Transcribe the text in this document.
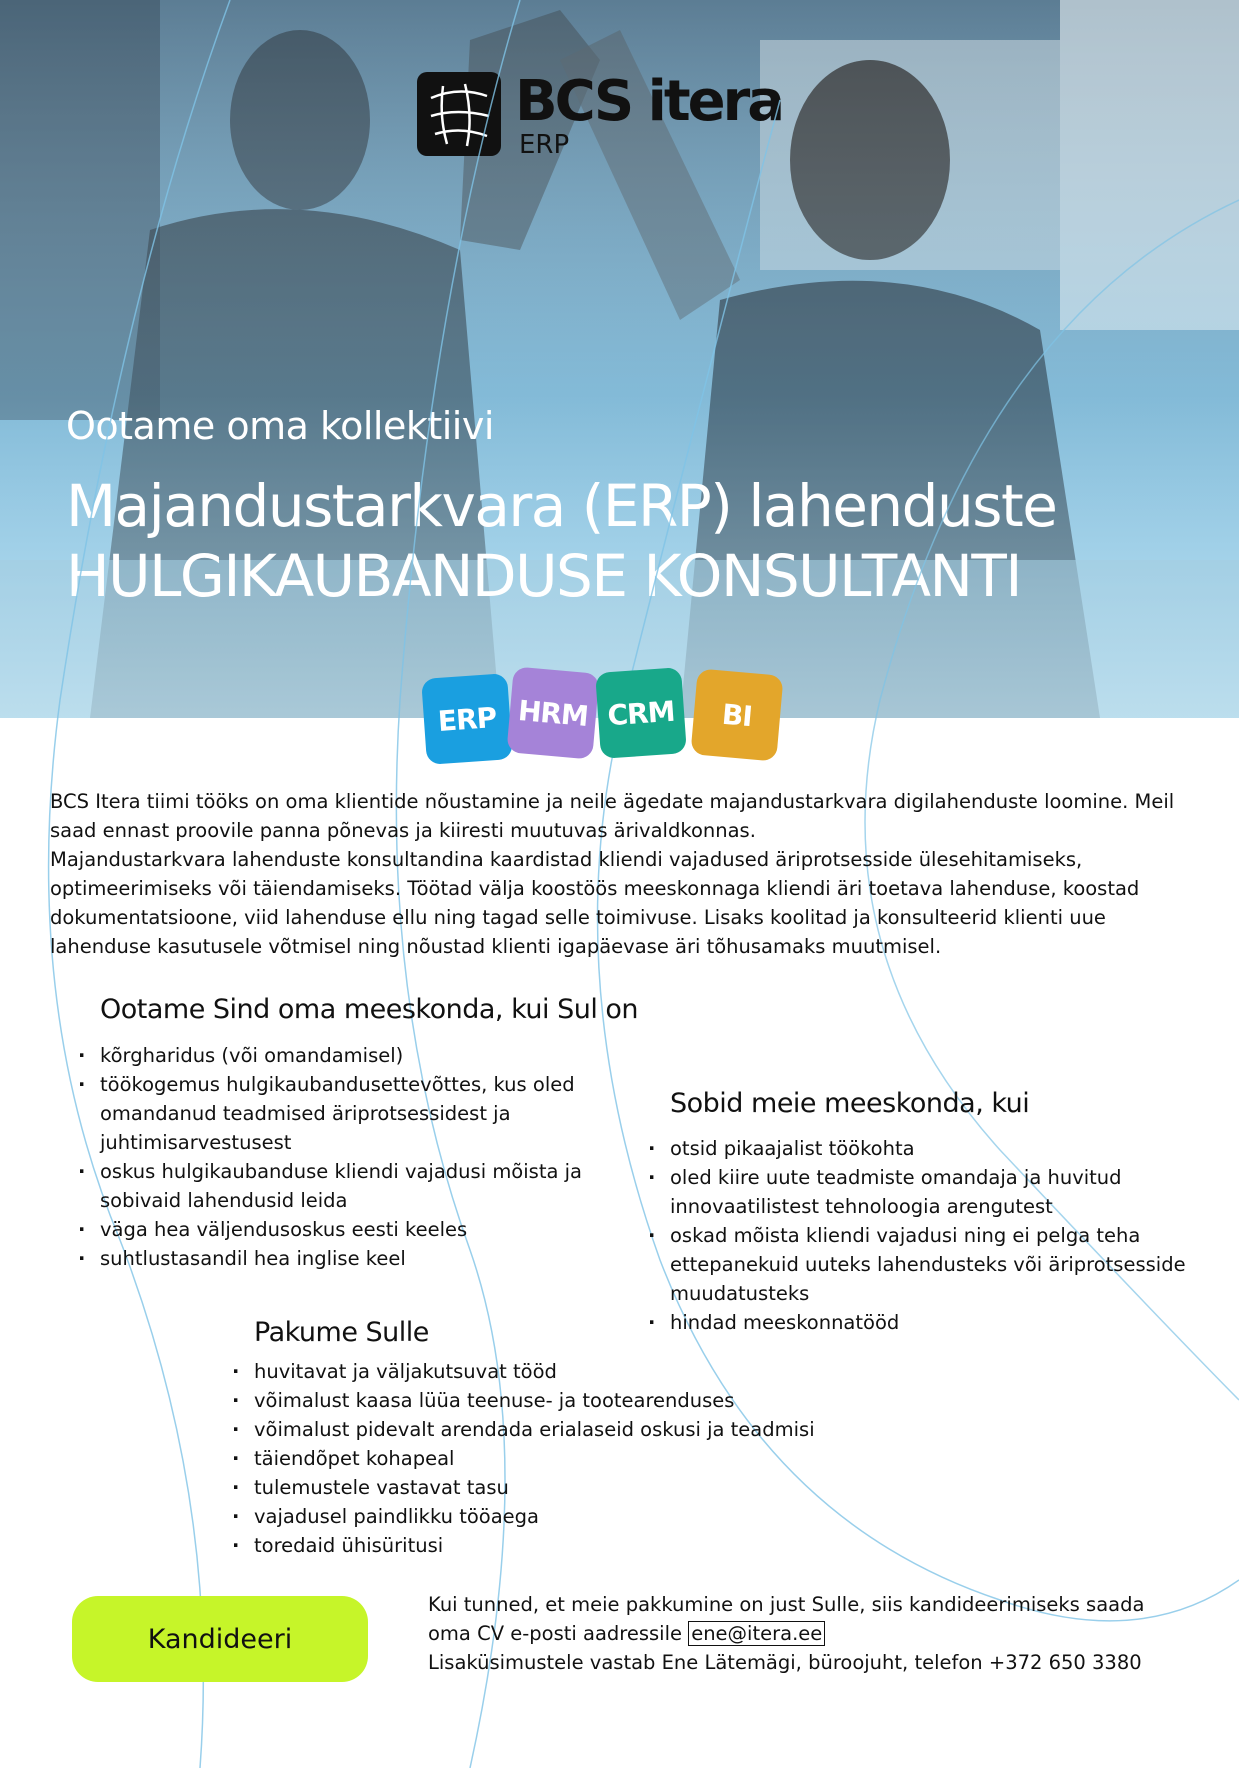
BCS itera
ERP
Ootame oma kollektiivi
Majandustarkvara (ERP) lahenduste
HULGIKAUBANDUSE KONSULTANTI
ERP HRM CRM	BI

BCS Itera tiimi tööks on oma klientide nõustamine ja neile ägedate majandustarkvara digilahenduste loomine. Meil saad ennast proovile panna põnevas ja kiiresti muutuvas ärivaldkonnas.

Majandustarkvara lahenduste konsultandina kaardistad kliendi vajadused äriprotsesside ülesehitamiseks, optimeerimiseks või täiendamiseks. Töötad välja koostöös meeskonnaga kliendi äri toetava lahenduse, koostad dokumentatsioone, viid lahenduse ellu ning tagad selle toimivuse. Lisaks koolitad ja konsulteerid klienti uue lahenduse kasutusele võtmisel ning nõustad klienti igapäevase äri tõhusamaks muutmisel.

Ootame Sind oma meeskonda, kui Sul on
· kõrgharidus (või omandamisel)
· töökogemus hulgikaubandusettevõttes, kus oled omandanud teadmised äriprotsessidest ja juhtimisarvestusest
· oskus hulgikaubanduse kliendi vajadusi mõista ja sobivaid lahendusid leida
· väga hea väljendusoskus eesti keeles
· suhtlustasandil hea inglise keel
Sobid meie meeskonda, kui
· otsid pikaajalist töökohta
· oled kiire uute teadmiste omandaja ja huvitud innovaatilistest tehnoloogia arengutest
· oskad mõista kliendi vajadusi ning ei pelga teha ettepanekuid uuteks lahendusteks või äriprotsesside muudatusteks
· hindad meeskonnatööd
Pakume Sulle
· huvitavat ja väljakutsuvat tööd
· võimalust kaasa lüüa teenuse- ja tootearenduses
· võimalust pidevalt arendada erialaseid oskusi ja teadmisi
· täiendõpet kohapeal
· tulemustele vastavat tasu
· vajadusel paindlikku tööaega
· toredaid ühisüritusi
Kandideeri
Kui tunned, et meie pakkumine on just Sulle, siis kandideerimiseks saada
oma CV e-posti aadressile ene@itera.ee
Lisaküsimustele vastab Ene Lätemägi, büroojuht, telefon +372 650 3380
